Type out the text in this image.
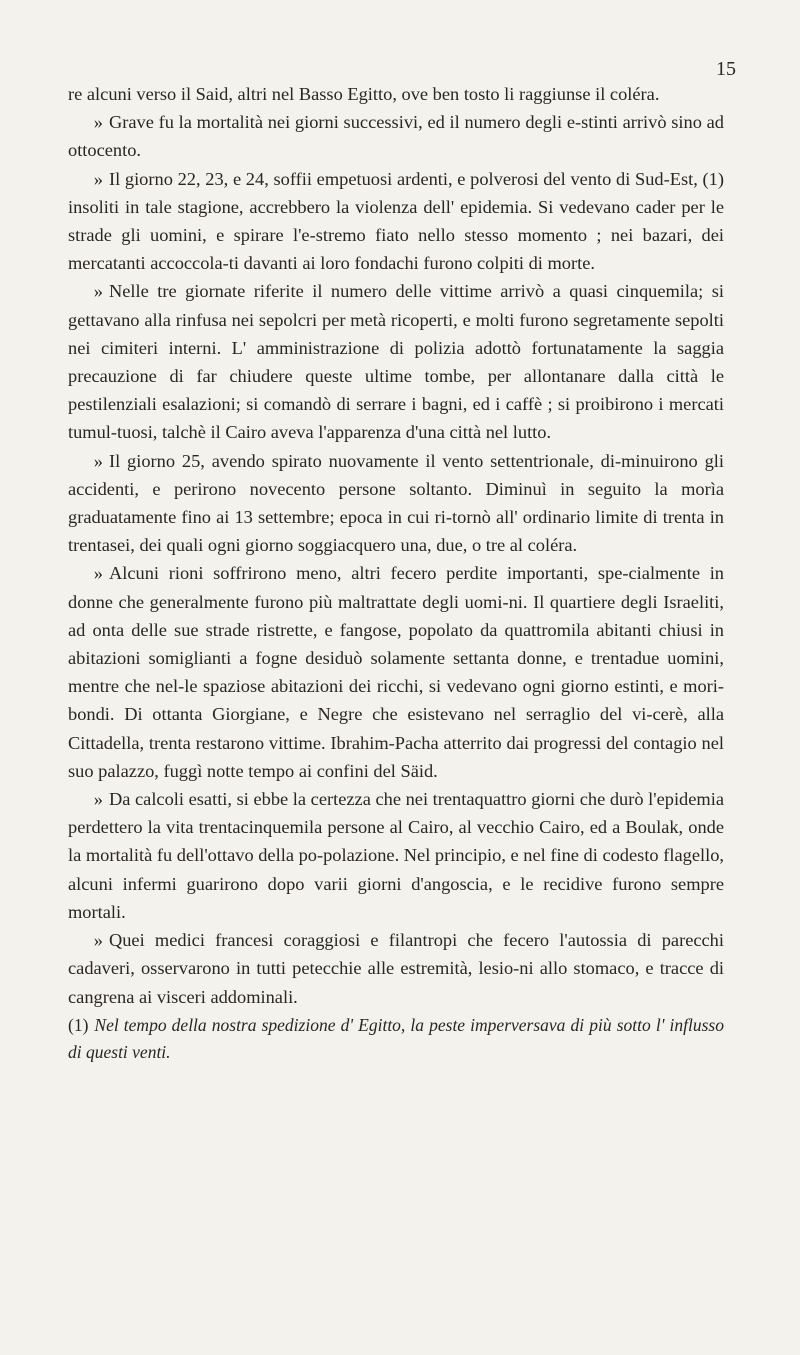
15

re alcuni verso il Said, altri nel Basso Egitto, ove ben tosto li raggiunse il coléra.

» Grave fu la mortalità nei giorni successivi, ed il numero degli e-stinti arrivò sino ad ottocento.

» Il giorno 22, 23, e 24, soffii empetuosi ardenti, e polverosi del vento di Sud-Est, (1) insoliti in tale stagione, accrebbero la violenza dell' epidemia. Si vedevano cader per le strade gli uomini, e spirare l'e-stremo fiato nello stesso momento ; nei bazari, dei mercatanti accoccola-ti davanti ai loro fondachi furono colpiti di morte.

» Nelle tre giornate riferite il numero delle vittime arrivò a quasi cinquemila; si gettavano alla rinfusa nei sepolcri per metà ricoperti, e molti furono segretamente sepolti nei cimiteri interni. L' amministrazione di polizia adottò fortunatamente la saggia precauzione di far chiudere queste ultime tombe, per allontanare dalla città le pestilenziali esalazioni; si comandò di serrare i bagni, ed i caffè ; si proibirono i mercati tumul-tuosi, talchè il Cairo aveva l'apparenza d'una città nel lutto.

» Il giorno 25, avendo spirato nuovamente il vento settentrionale, di-minuirono gli accidenti, e perirono novecento persone soltanto. Diminuì in seguito la morìa graduatamente fino ai 13 settembre; epoca in cui ri-tornò all' ordinario limite di trenta in trentasei, dei quali ogni giorno soggiacquero una, due, o tre al coléra.

» Alcuni rioni soffrirono meno, altri fecero perdite importanti, spe-cialmente in donne che generalmente furono più maltrattate degli uomi-ni. Il quartiere degli Israeliti, ad onta delle sue strade ristrette, e fangose, popolato da quattromila abitanti chiusi in abitazioni somiglianti a fogne desiduò solamente settanta donne, e trentadue uomini, mentre che nel-le spaziose abitazioni dei ricchi, si vedevano ogni giorno estinti, e mori-bondi. Di ottanta Giorgiane, e Negre che esistevano nel serraglio del vi-cerè, alla Cittadella, trenta restarono vittime. Ibrahim-Pacha atterrito dai progressi del contagio nel suo palazzo, fuggì notte tempo ai confini del Säid.

» Da calcoli esatti, si ebbe la certezza che nei trentaquattro giorni che durò l'epidemia perdettero la vita trentacinquemila persone al Cairo, al vecchio Cairo, ed a Boulak, onde la mortalità fu dell'ottavo della po-polazione. Nel principio, e nel fine di codesto flagello, alcuni infermi guarirono dopo varii giorni d'angoscia, e le recidive furono sempre mortali.

» Quei medici francesi coraggiosi e filantropi che fecero l'autossia di parecchi cadaveri, osservarono in tutti petecchie alle estremità, lesio-ni allo stomaco, e tracce di cangrena ai visceri addominali.

(1) Nel tempo della nostra spedizione d' Egitto, la peste imperversava di più sotto l' influsso di questi venti.
